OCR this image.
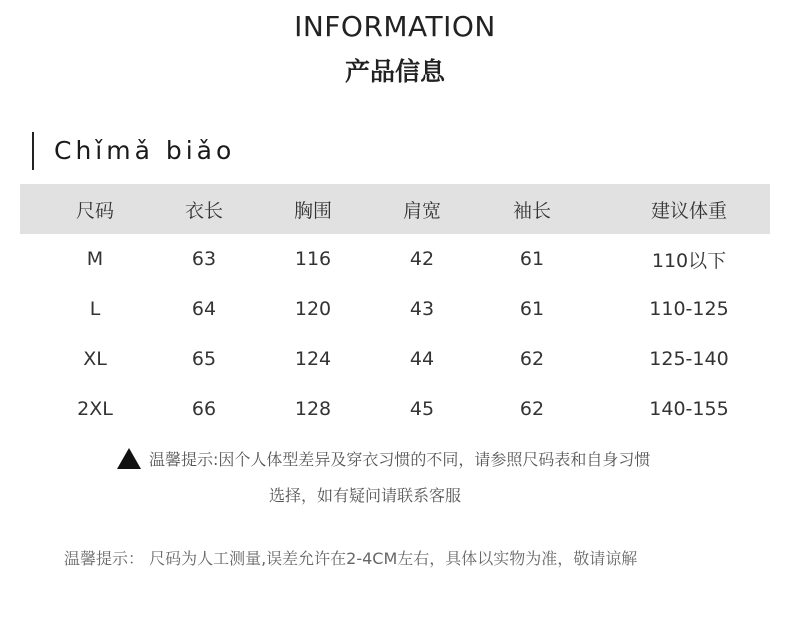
INFORMATION
产品信息
Chǐmǎ biǎo
尺码	衣长	胸围	肩宽	袖长	建议体重
M	63	116	42	61	110以下
L	64	120	43	61	110-125
XL	65	124	44	62	125-140
2XL	66	128	45	62	140-155
温馨提示:因个人体型差异及穿衣习惯的不同，请参照尺码表和自身习惯
选择，如有疑问请联系客服
温馨提示： 尺码为人工测量,误差允许在2-4CM左右，具体以实物为准，敬请谅解
